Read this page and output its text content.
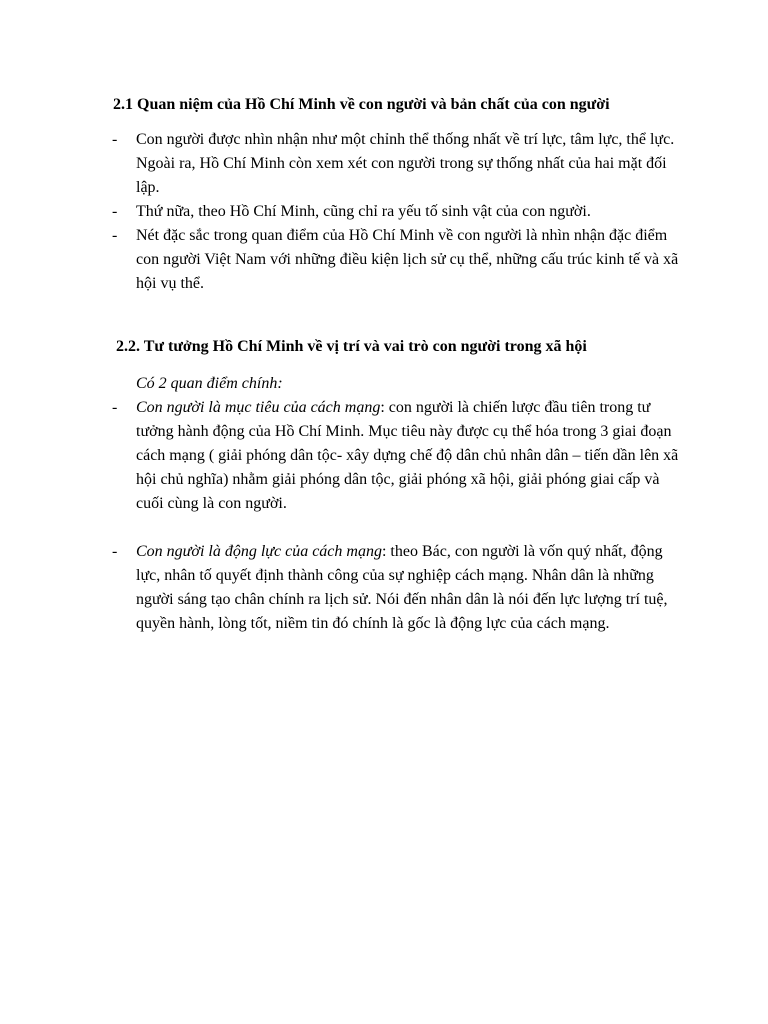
2.1 Quan niệm của Hồ Chí Minh về con người và bản chất của con người
- Con người được nhìn nhận như một chỉnh thể thống nhất về trí lực, tâm lực, thể lực. Ngoài ra, Hồ Chí Minh còn xem xét con người trong sự thống nhất của hai mặt đối lập.
- Thứ nữa, theo Hồ Chí Minh, cũng chỉ ra yếu tố sinh vật của con người.
- Nét đặc sắc trong quan điểm của Hồ Chí Minh về con người là nhìn nhận đặc điểm con người Việt Nam với những điều kiện lịch sử cụ thể, những cấu trúc kinh tế và xã hội vụ thể.
2.2. Tư tưởng Hồ Chí Minh về vị trí và vai trò con người trong xã hội
Có 2 quan điểm chính:
- Con người là mục tiêu của cách mạng: con người là chiến lược đầu tiên trong tư tưởng hành động của Hồ Chí Minh. Mục tiêu này được cụ thể hóa trong 3 giai đoạn cách mạng ( giải phóng dân tộc- xây dựng chế độ dân chủ nhân dân – tiến dần lên xã hội chủ nghĩa) nhằm giải phóng dân tộc, giải phóng xã hội, giải phóng giai cấp và cuối cùng là con người.
- Con người là động lực của cách mạng: theo Bác, con người là vốn quý nhất, động lực, nhân tố quyết định thành công của sự nghiệp cách mạng. Nhân dân là những người sáng tạo chân chính ra lịch sử. Nói đến nhân dân là nói đến lực lượng trí tuệ, quyền hành, lòng tốt, niềm tin đó chính là gốc là động lực của cách mạng.
